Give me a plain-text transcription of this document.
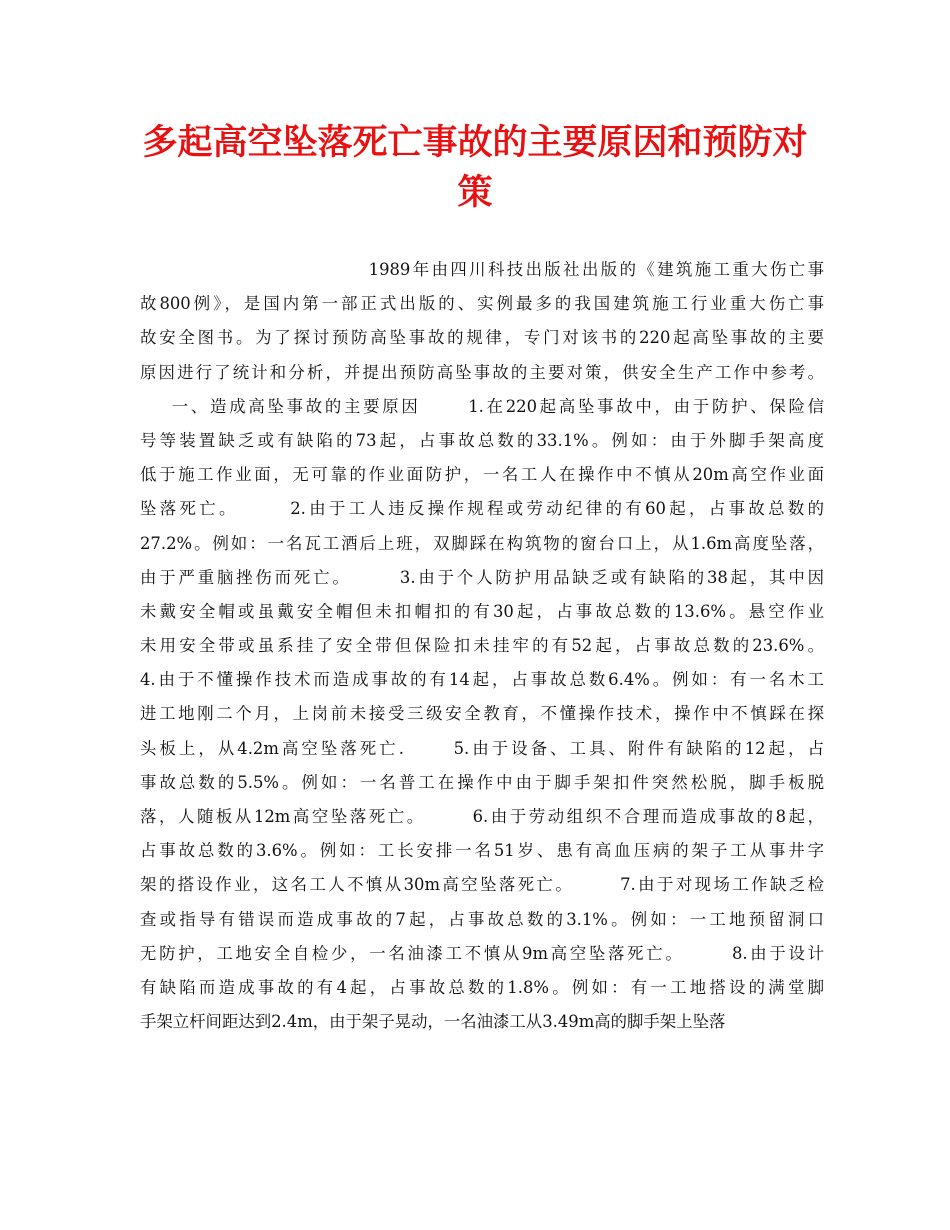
多起高空坠落死亡事故的主要原因和预防对
策
1989年由四川科技出版社出版的《建筑施工重大伤亡事
故800例》，是国内第一部正式出版的、实例最多的我国建筑施工行业重大伤亡事
故安全图书。为了探讨预防高坠事故的规律，专门对该书的220起高坠事故的主要
原因进行了统计和分析，并提出预防高坠事故的主要对策，供安全生产工作中参考。
一、造成高坠事故的主要原因      1.在220起高坠事故中，由于防护、保险信
号等装置缺乏或有缺陷的73起，占事故总数的33.1%。例如：由于外脚手架高度
低于施工作业面，无可靠的作业面防护，一名工人在操作中不慎从20m高空作业面
坠落死亡。      2.由于工人违反操作规程或劳动纪律的有60起，占事故总数的
27.2%。例如：一名瓦工酒后上班，双脚踩在构筑物的窗台口上，从1.6m高度坠落，
由于严重脑挫伤而死亡。      3.由于个人防护用品缺乏或有缺陷的38起，其中因
未戴安全帽或虽戴安全帽但未扣帽扣的有30起，占事故总数的13.6%。悬空作业
未用安全带或虽系挂了安全带但保险扣未挂牢的有52起，占事故总数的23.6%。
4.由于不懂操作技术而造成事故的有14起，占事故总数6.4%。例如：有一名木工
进工地刚二个月，上岗前未接受三级安全教育，不懂操作技术，操作中不慎踩在探
头板上，从4.2m高空坠落死亡.      5.由于设备、工具、附件有缺陷的12起，占
事故总数的5.5%。例如：一名普工在操作中由于脚手架扣件突然松脱，脚手板脱
落，人随板从12m高空坠落死亡。      6.由于劳动组织不合理而造成事故的8起，
占事故总数的3.6%。例如：工长安排一名51岁、患有高血压病的架子工从事井字
架的搭设作业，这名工人不慎从30m高空坠落死亡。      7.由于对现场工作缺乏检
查或指导有错误而造成事故的7起，占事故总数的3.1%。例如：一工地预留洞口
无防护，工地安全自检少，一名油漆工不慎从9m高空坠落死亡。      8.由于设计
有缺陷而造成事故的有4起，占事故总数的1.8%。例如：有一工地搭设的满堂脚
手架立杆间距达到2.4m，由于架子晃动，一名油漆工从3.49m高的脚手架上坠落
